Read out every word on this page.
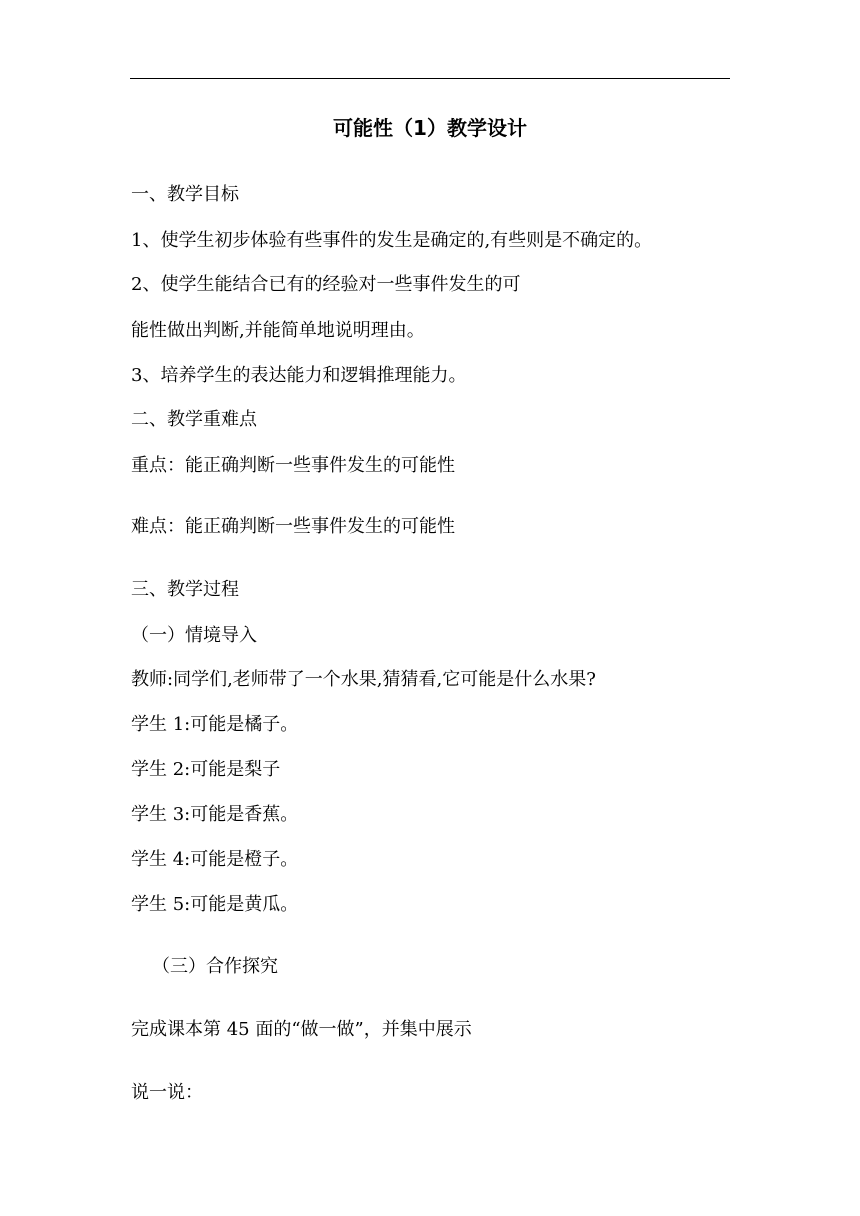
可能性（1）教学设计
一、教学目标
1、使学生初步体验有些事件的发生是确定的,有些则是不确定的。
2、使学生能结合已有的经验对一些事件发生的可
能性做出判断,并能简单地说明理由。
3、培养学生的表达能力和逻辑推理能力。
二、教学重难点
重点：能正确判断一些事件发生的可能性
难点：能正确判断一些事件发生的可能性
三、教学过程
（一）情境导入
教师:同学们,老师带了一个水果,猜猜看,它可能是什么水果?
学生 1:可能是橘子。
学生 2:可能是梨子
学生 3:可能是香蕉。
学生 4:可能是橙子。
学生 5:可能是黄瓜。
（三）合作探究
完成课本第 45 面的“做一做”，并集中展示
说一说：
